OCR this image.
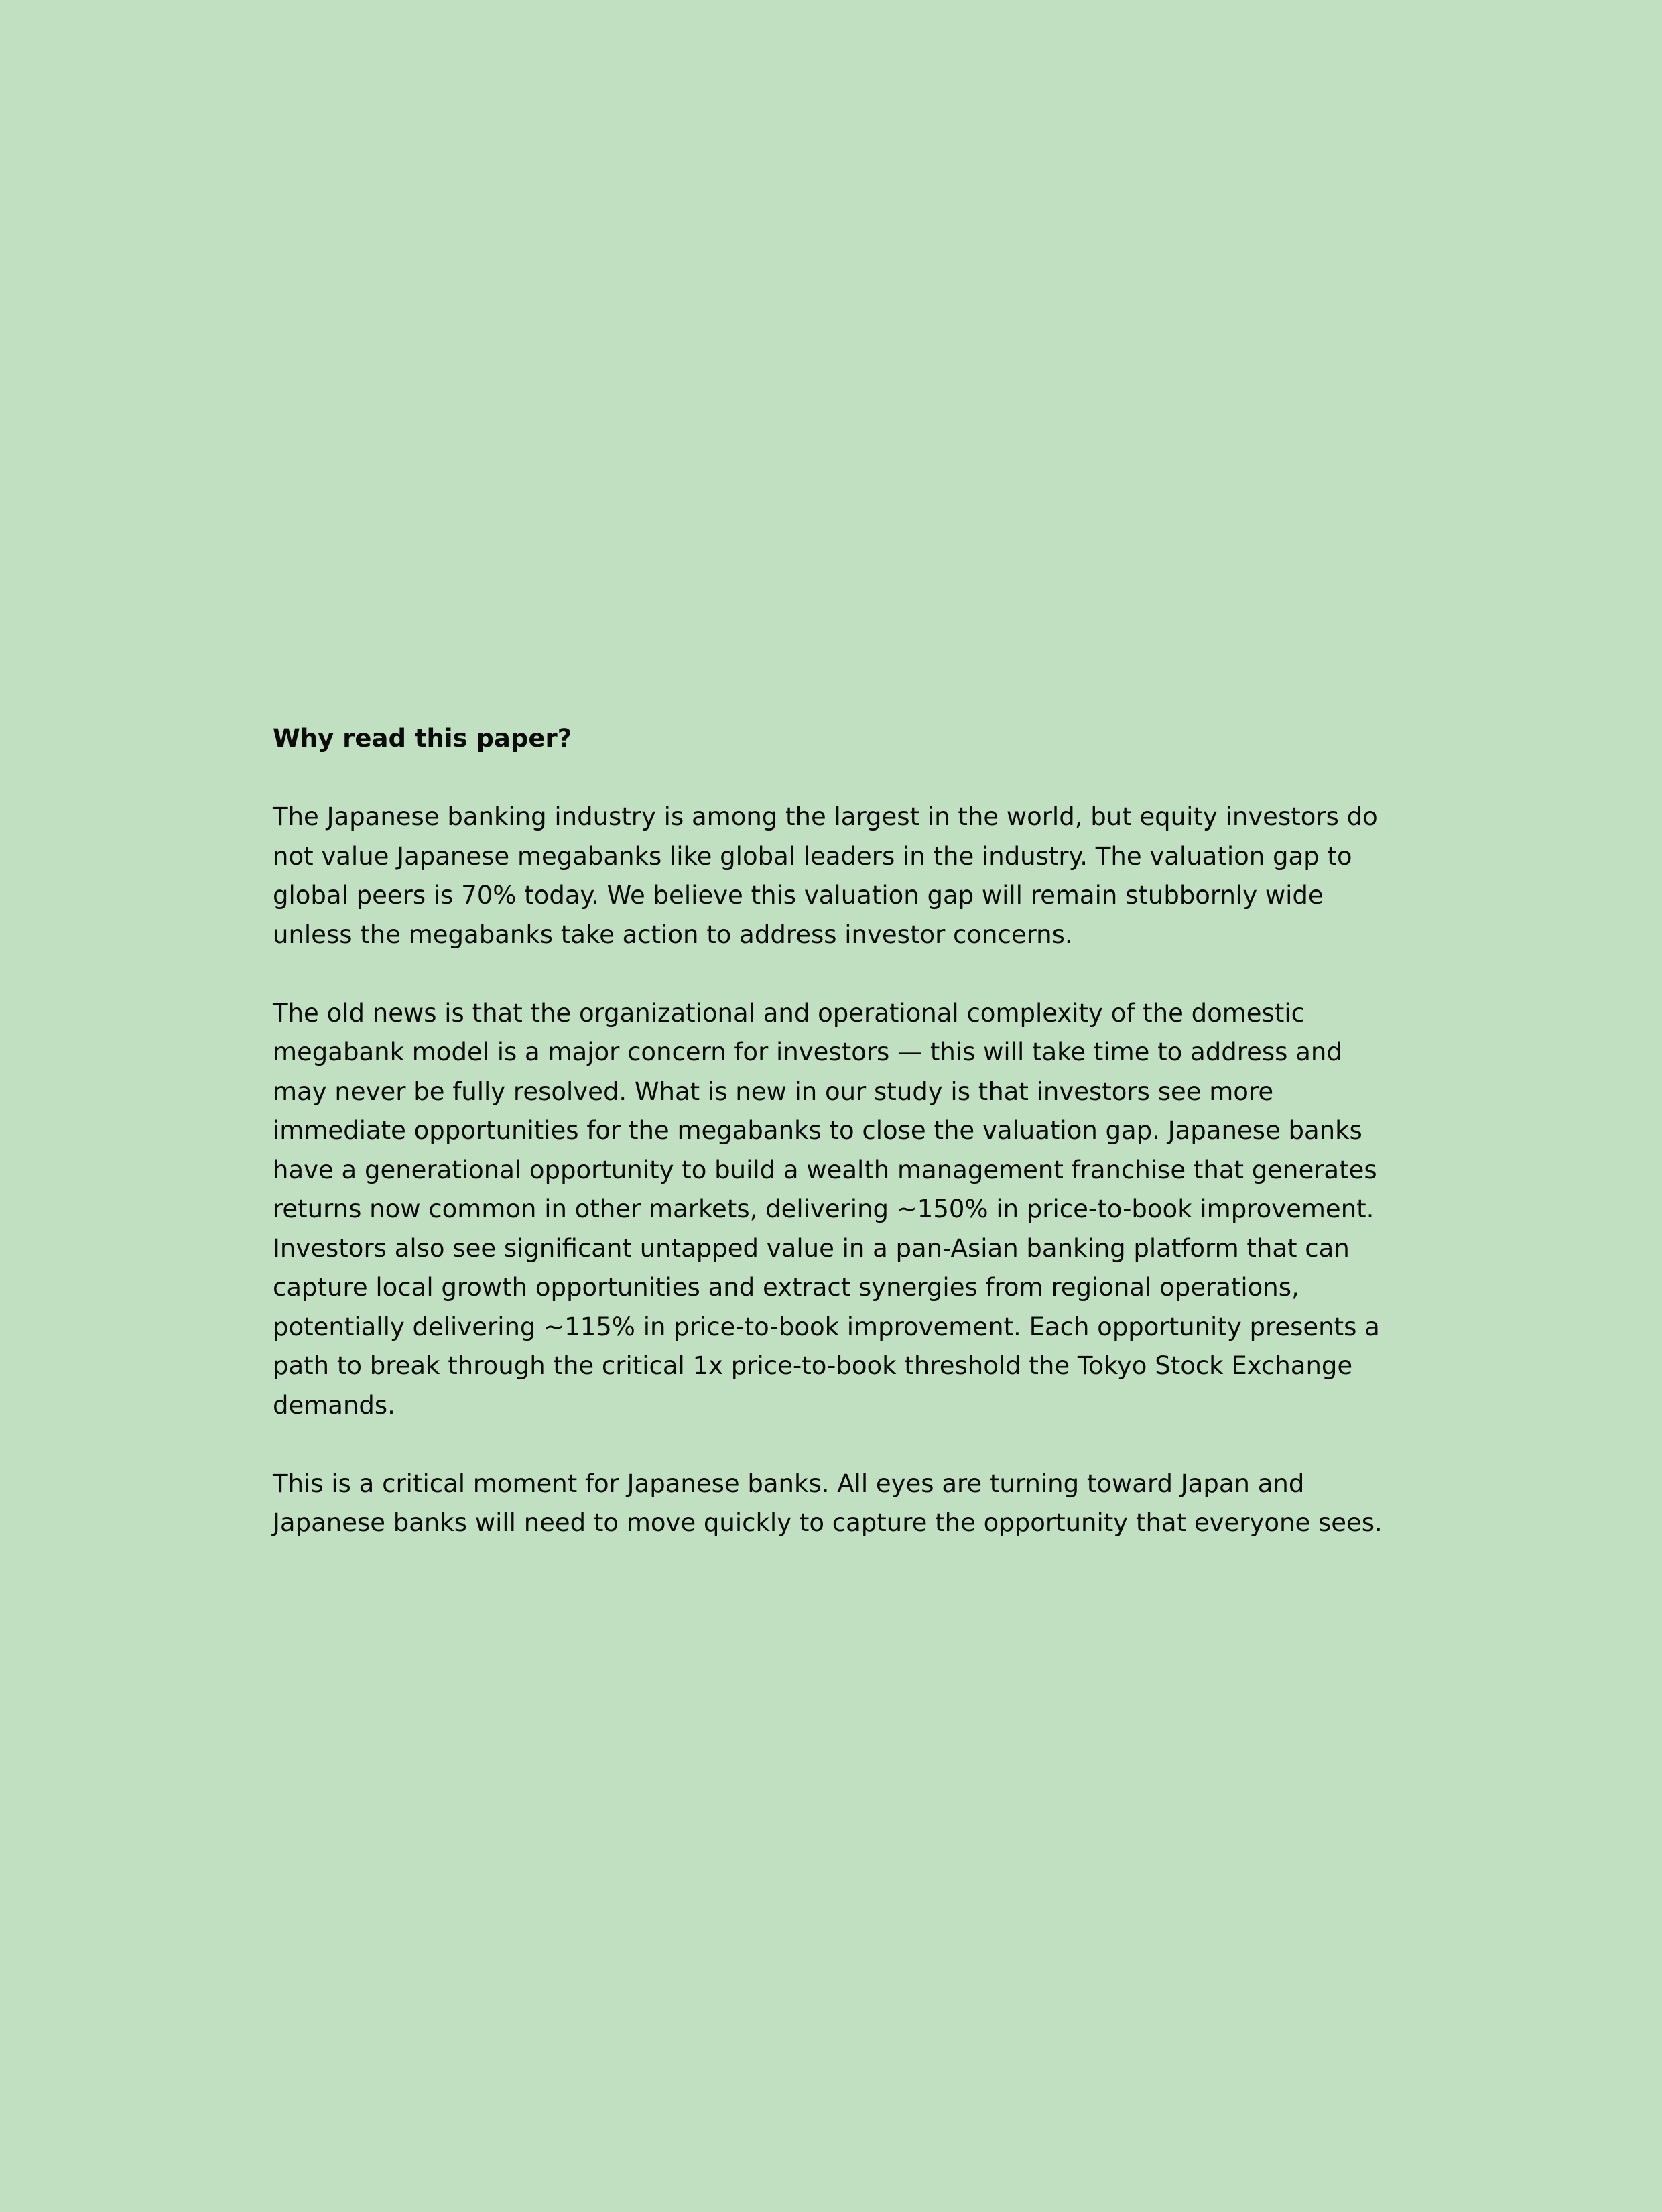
Why read this paper?

The Japanese banking industry is among the largest in the world, but equity investors do not value Japanese megabanks like global leaders in the industry. The valuation gap to global peers is 70% today. We believe this valuation gap will remain stubbornly wide unless the megabanks take action to address investor concerns.

The old news is that the organizational and operational complexity of the domestic megabank model is a major concern for investors — this will take time to address and may never be fully resolved. What is new in our study is that investors see more immediate opportunities for the megabanks to close the valuation gap. Japanese banks have a generational opportunity to build a wealth management franchise that generates returns now common in other markets, delivering ~150% in price-to-book improvement. Investors also see significant untapped value in a pan-Asian banking platform that can capture local growth opportunities and extract synergies from regional operations, potentially delivering ~115% in price-to-book improvement. Each opportunity presents a path to break through the critical 1x price-to-book threshold the Tokyo Stock Exchange demands.

This is a critical moment for Japanese banks. All eyes are turning toward Japan and Japanese banks will need to move quickly to capture the opportunity that everyone sees.
